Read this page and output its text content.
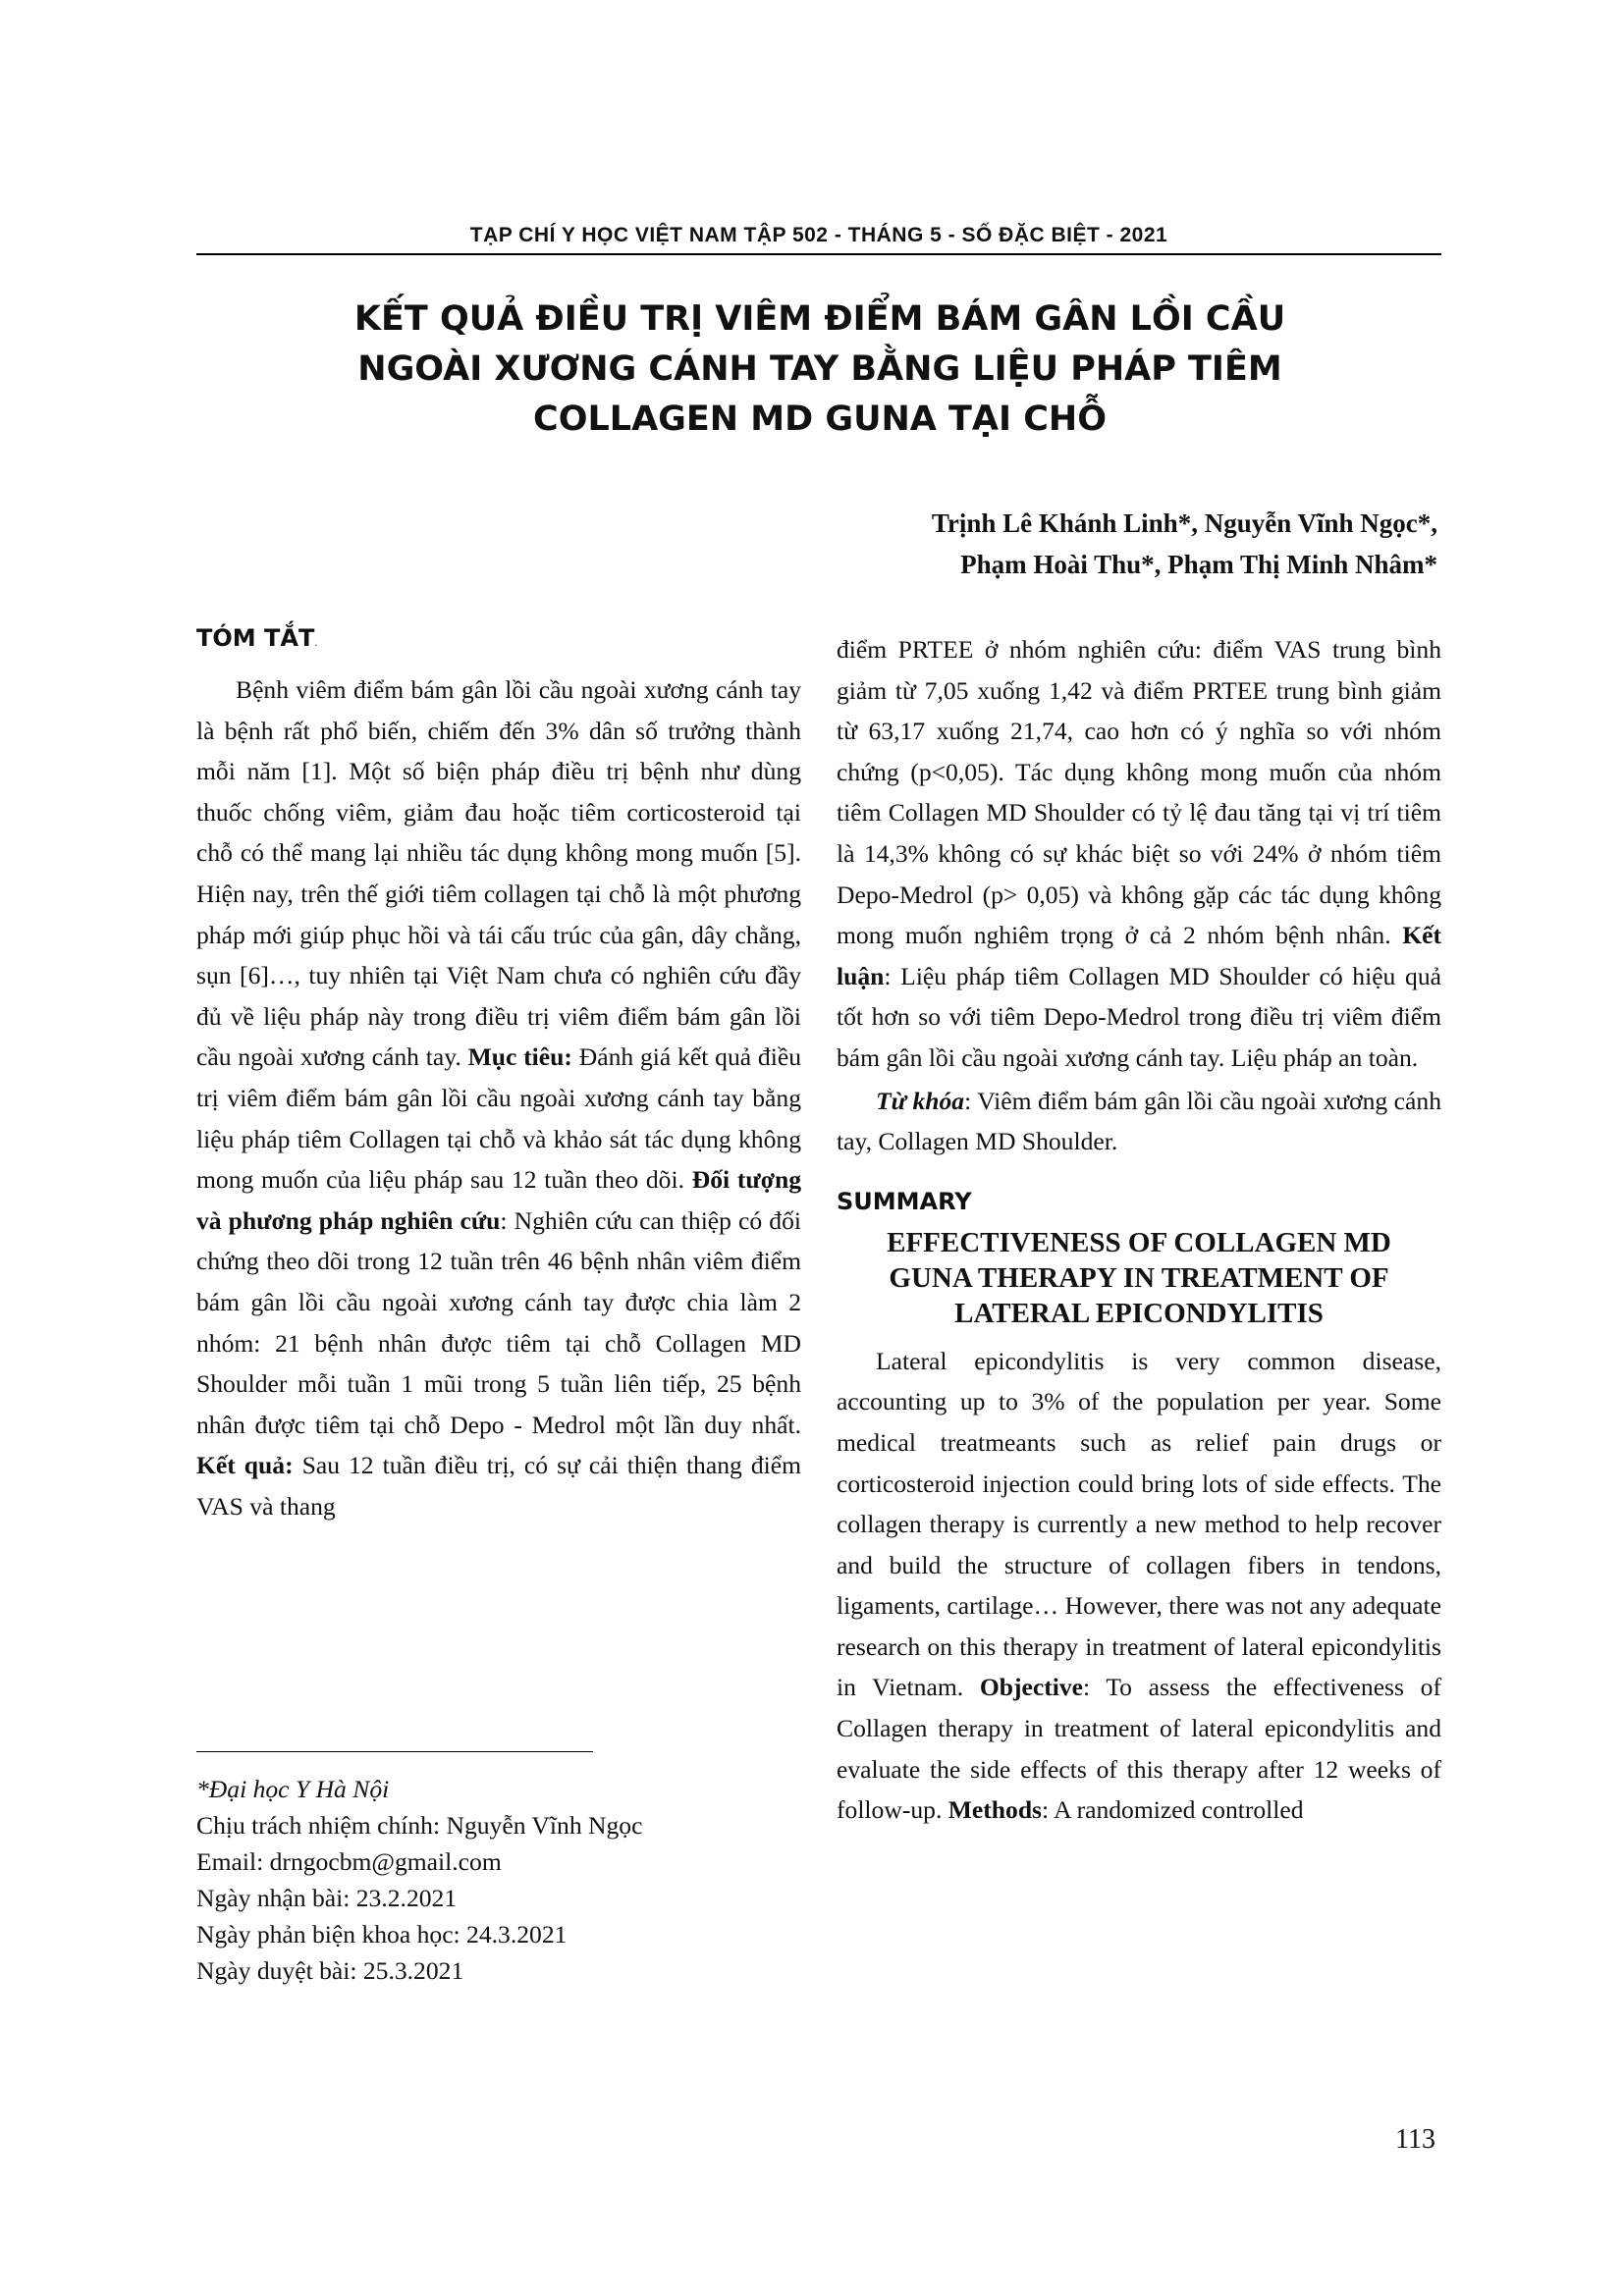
TẠP CHÍ Y HỌC VIỆT NAM TẬP 502 - THÁNG 5 - SỐ ĐẶC BIỆT - 2021
KẾT QUẢ ĐIỀU TRỊ VIÊM ĐIỂM BÁM GÂN LỒI CẦU
NGOÀI XƯƠNG CÁNH TAY BẰNG LIỆU PHÁP TIÊM
COLLAGEN MD GUNA TẠI CHỖ
Trịnh Lê Khánh Linh*, Nguyễn Vĩnh Ngọc*,
Phạm Hoài Thu*, Phạm Thị Minh Nhâm*
TÓM TẮT.

Bệnh viêm điểm bám gân lồi cầu ngoài xương cánh tay là bệnh rất phổ biến, chiếm đến 3% dân số trưởng thành mỗi năm [1]. Một số biện pháp điều trị bệnh như dùng thuốc chống viêm, giảm đau hoặc tiêm corticosteroid tại chỗ có thể mang lại nhiều tác dụng không mong muốn [5]. Hiện nay, trên thế giới tiêm collagen tại chỗ là một phương pháp mới giúp phục hồi và tái cấu trúc của gân, dây chằng, sụn [6]…, tuy nhiên tại Việt Nam chưa có nghiên cứu đầy đủ về liệu pháp này trong điều trị viêm điểm bám gân lồi cầu ngoài xương cánh tay. Mục tiêu: Đánh giá kết quả điều trị viêm điểm bám gân lồi cầu ngoài xương cánh tay bằng liệu pháp tiêm Collagen tại chỗ và khảo sát tác dụng không mong muốn của liệu pháp sau 12 tuần theo dõi. Đối tượng và phương pháp nghiên cứu: Nghiên cứu can thiệp có đối chứng theo dõi trong 12 tuần trên 46 bệnh nhân viêm điểm bám gân lồi cầu ngoài xương cánh tay được chia làm 2 nhóm: 21 bệnh nhân được tiêm tại chỗ Collagen MD Shoulder mỗi tuần 1 mũi trong 5 tuần liên tiếp, 25 bệnh nhân được tiêm tại chỗ Depo - Medrol một lần duy nhất. Kết quả: Sau 12 tuần điều trị, có sự cải thiện thang điểm VAS và thang

điểm PRTEE ở nhóm nghiên cứu: điểm VAS trung bình giảm từ 7,05 xuống 1,42 và điểm PRTEE trung bình giảm từ 63,17 xuống 21,74, cao hơn có ý nghĩa so với nhóm chứng (p<0,05). Tác dụng không mong muốn của nhóm tiêm Collagen MD Shoulder có tỷ lệ đau tăng tại vị trí tiêm là 14,3% không có sự khác biệt so với 24% ở nhóm tiêm Depo-Medrol (p> 0,05) và không gặp các tác dụng không mong muốn nghiêm trọng ở cả 2 nhóm bệnh nhân. Kết luận: Liệu pháp tiêm Collagen MD Shoulder có hiệu quả tốt hơn so với tiêm Depo-Medrol trong điều trị viêm điểm bám gân lồi cầu ngoài xương cánh tay. Liệu pháp an toàn.

Từ khóa: Viêm điểm bám gân lồi cầu ngoài xương cánh tay, Collagen MD Shoulder.

SUMMARY
EFFECTIVENESS OF COLLAGEN MD
GUNA THERAPY IN TREATMENT OF
LATERAL EPICONDYLITIS

Lateral epicondylitis is very common disease, accounting up to 3% of the population per year. Some medical treatmeants such as relief pain drugs or corticosteroid injection could bring lots of side effects. The collagen therapy is currently a new method to help recover and build the structure of collagen fibers in tendons, ligaments, cartilage… However, there was not any adequate research on this therapy in treatment of lateral epicondylitis in Vietnam. Objective: To assess the effectiveness of Collagen therapy in treatment of lateral epicondylitis and evaluate the side effects of this therapy after 12 weeks of follow-up. Methods: A randomized controlled

*Đại học Y Hà Nội
Chịu trách nhiệm chính: Nguyễn Vĩnh Ngọc
Email: drngocbm@gmail.com
Ngày nhận bài: 23.2.2021
Ngày phản biện khoa học: 24.3.2021
Ngày duyệt bài: 25.3.2021
113
